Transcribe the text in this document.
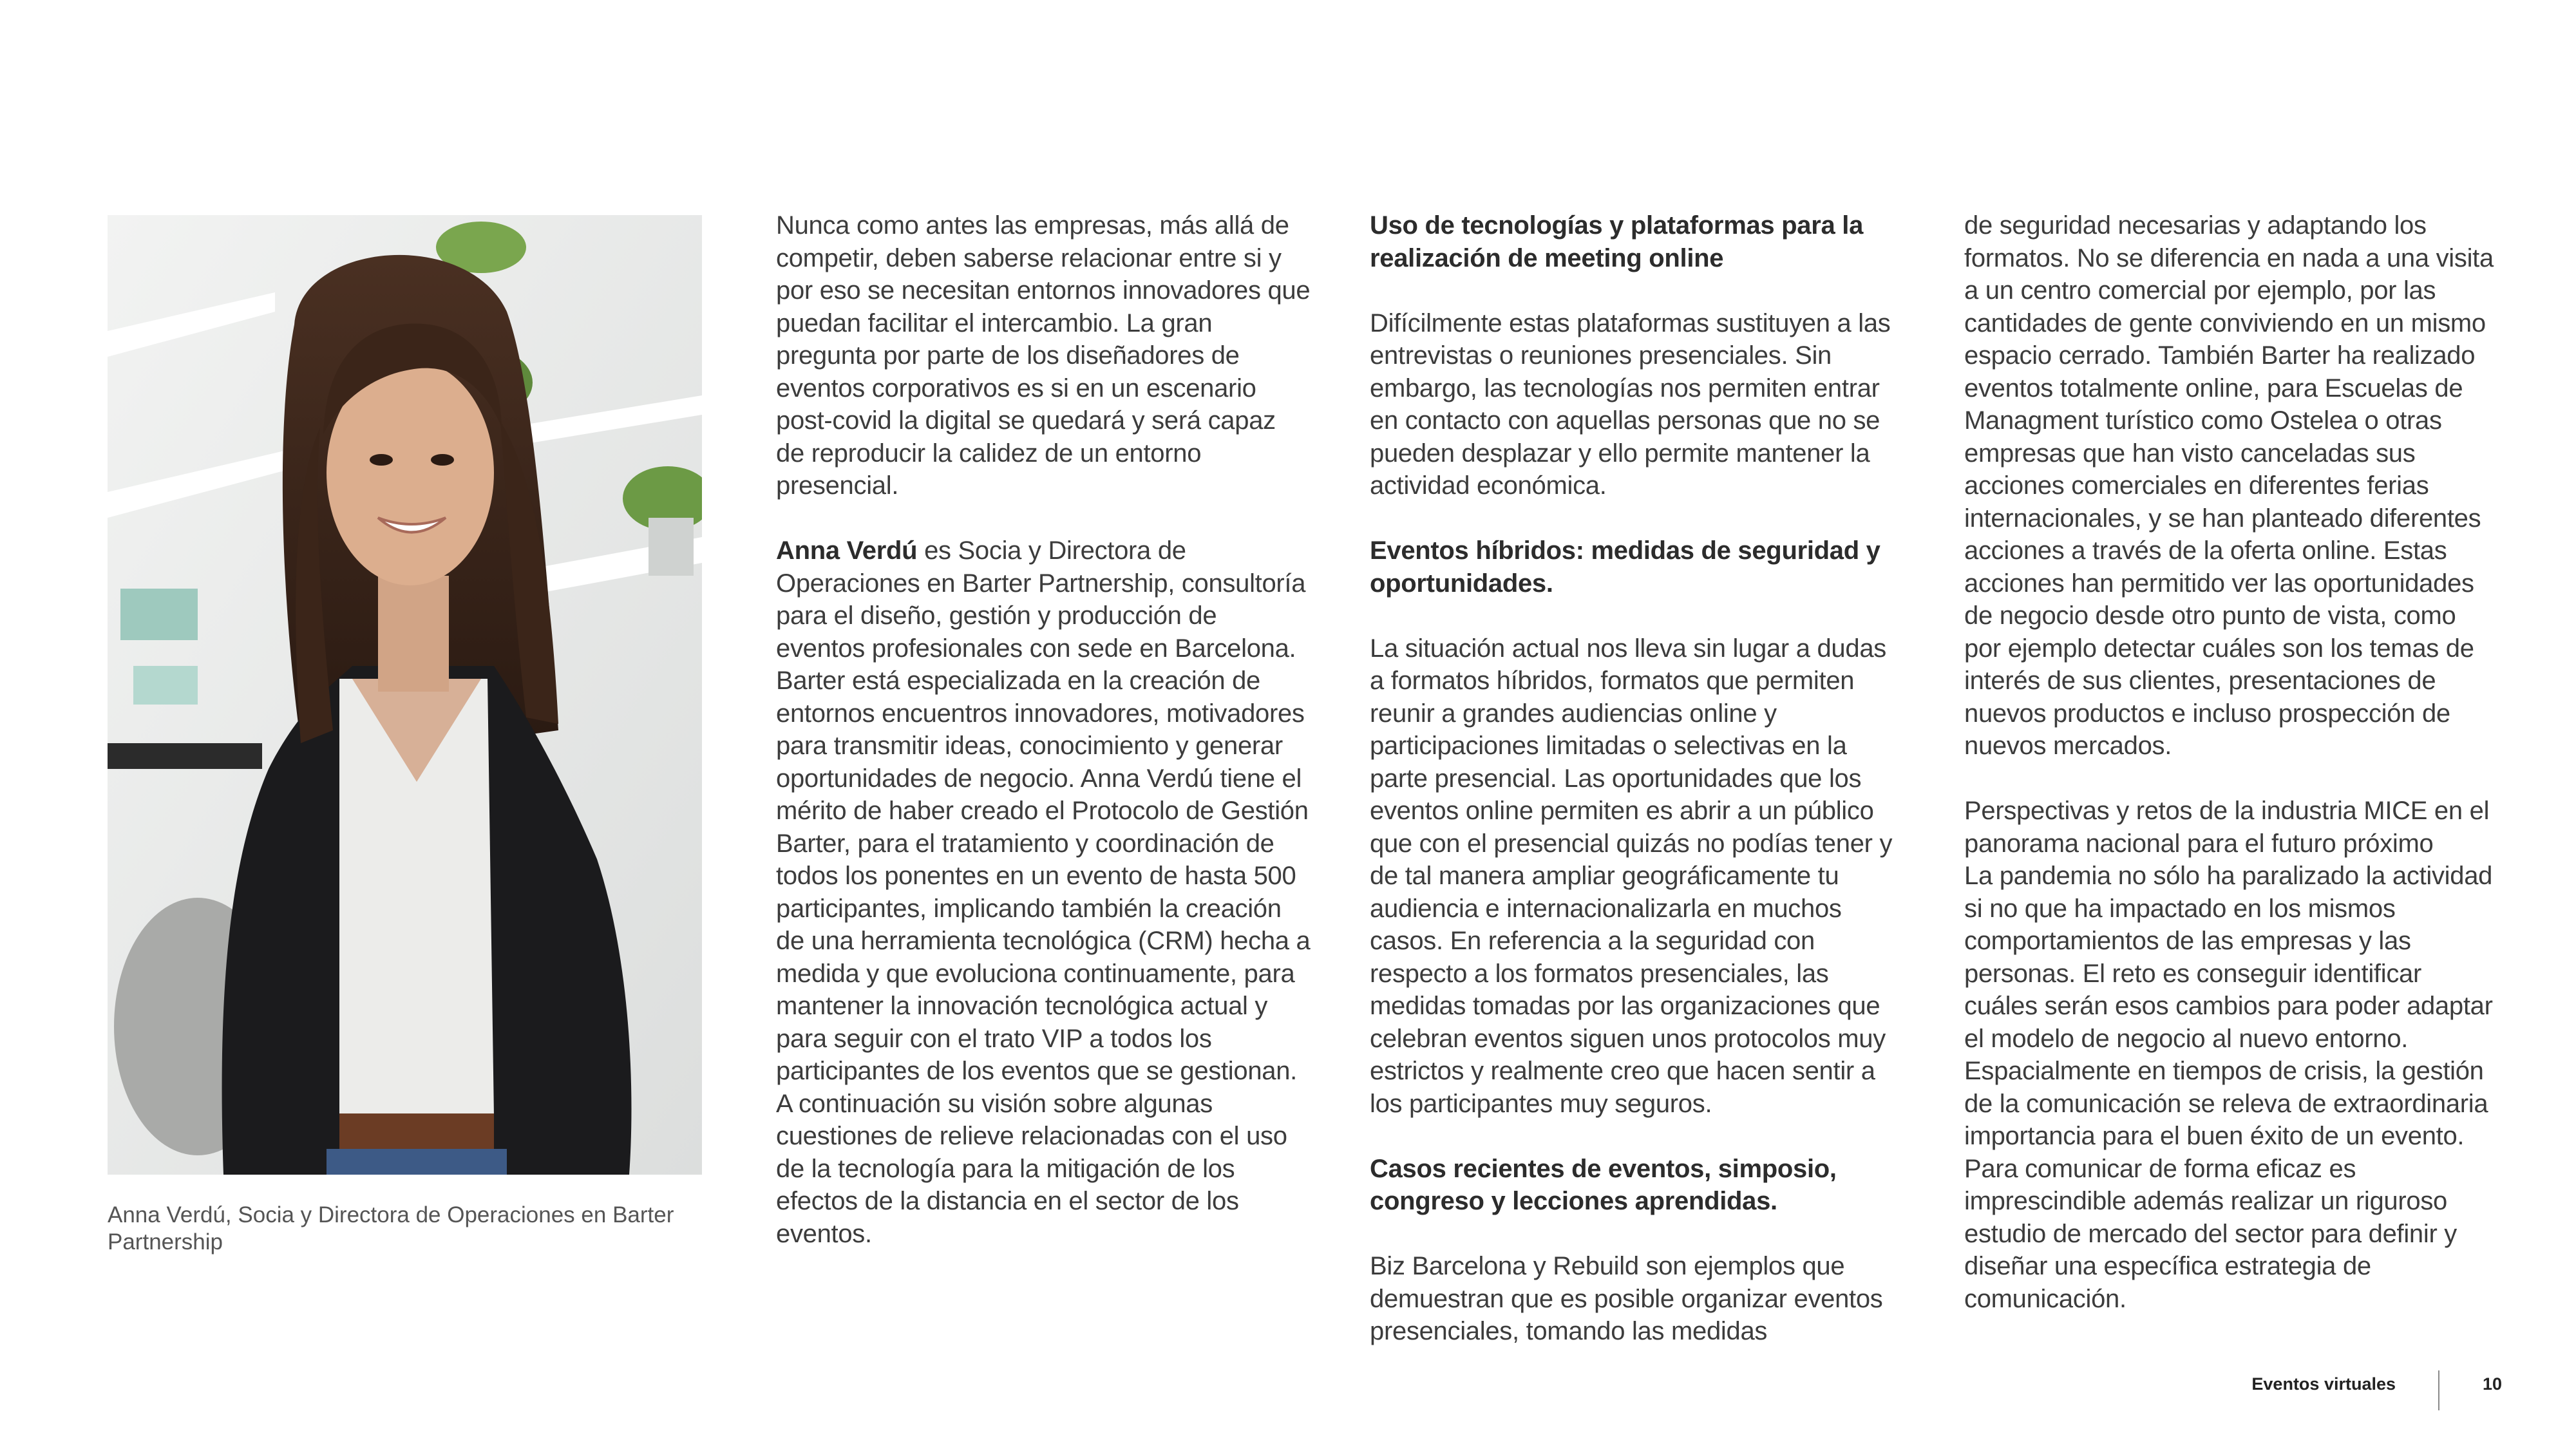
Anna Verdú, Socia y Directora de Operaciones en Barter Partnership

Nunca como antes las empresas, más allá de competir, deben saberse relacionar entre si y por eso se necesitan entornos innovadores que puedan facilitar el intercambio. La gran pregunta por parte de los diseñadores de eventos corporativos es si en un escenario post-covid la digital se quedará y será capaz de reproducir la calidez de un entorno presencial.

Anna Verdú es Socia y Directora de Operaciones en Barter Partnership, consultoría para el diseño, gestión y producción de eventos profesionales con sede en Barcelona. Barter está especializada en la creación de entornos encuentros innovadores, motivadores para transmitir ideas, conocimiento y generar oportunidades de negocio. Anna Verdú tiene el mérito de haber creado el Protocolo de Gestión Barter, para el tratamiento y coordinación de todos los ponentes en un evento de hasta 500 participantes, implicando también la creación de una herramienta tecnológica (CRM) hecha a medida y que evoluciona continuamente, para mantener la innovación tecnológica actual y para seguir con el trato VIP a todos los participantes de los eventos que se gestionan. A continuación su visión sobre algunas cuestiones de relieve relacionadas con el uso de la tecnología para la mitigación de los efectos de la distancia en el sector de los eventos.

Uso de tecnologías y plataformas para la realización de meeting online

Difícilmente estas plataformas sustituyen a las entrevistas o reuniones presenciales. Sin embargo, las tecnologías nos permiten entrar en contacto con aquellas personas que no se pueden desplazar y ello permite mantener la actividad económica.

Eventos híbridos: medidas de seguridad y oportunidades.

La situación actual nos lleva sin lugar a dudas a formatos híbridos, formatos que permiten reunir a grandes audiencias online y participaciones limitadas o selectivas en la parte presencial. Las oportunidades que los eventos online permiten es abrir a un público que con el presencial quizás no podías tener y de tal manera ampliar geográficamente tu audiencia e internacionalizarla en muchos casos. En referencia a la seguridad con respecto a los formatos presenciales, las medidas tomadas por las organizaciones que celebran eventos siguen unos protocolos muy estrictos y realmente creo que hacen sentir a los participantes muy seguros.

Casos recientes de eventos, simposio, congreso y lecciones aprendidas.

Biz Barcelona y Rebuild son ejemplos que demuestran que es posible organizar eventos presenciales, tomando las medidas

de seguridad necesarias y adaptando los formatos. No se diferencia en nada a una visita a un centro comercial por ejemplo, por las cantidades de gente conviviendo en un mismo espacio cerrado. También Barter ha realizado eventos totalmente online, para Escuelas de Managment turístico como Ostelea o otras empresas que han visto canceladas sus acciones comerciales en diferentes ferias internacionales, y se han planteado diferentes acciones a través de la oferta online. Estas acciones han permitido ver las oportunidades de negocio desde otro punto de vista, como por ejemplo detectar cuáles son los temas de interés de sus clientes, presentaciones de nuevos productos e incluso prospección de nuevos mercados.

Perspectivas y retos de la industria MICE en el panorama nacional para el futuro próximo
La pandemia no sólo ha paralizado la actividad si no que ha impactado en los mismos comportamientos de las empresas y las personas. El reto es conseguir identificar cuáles serán esos cambios para poder adaptar el modelo de negocio al nuevo entorno. Espacialmente en tiempos de crisis, la gestión de la comunicación se releva de extraordinaria importancia para el buen éxito de un evento. Para comunicar de forma eficaz es imprescindible además realizar un riguroso estudio de mercado del sector para definir y diseñar una específica estrategia de comunicación.

Eventos virtuales	10
